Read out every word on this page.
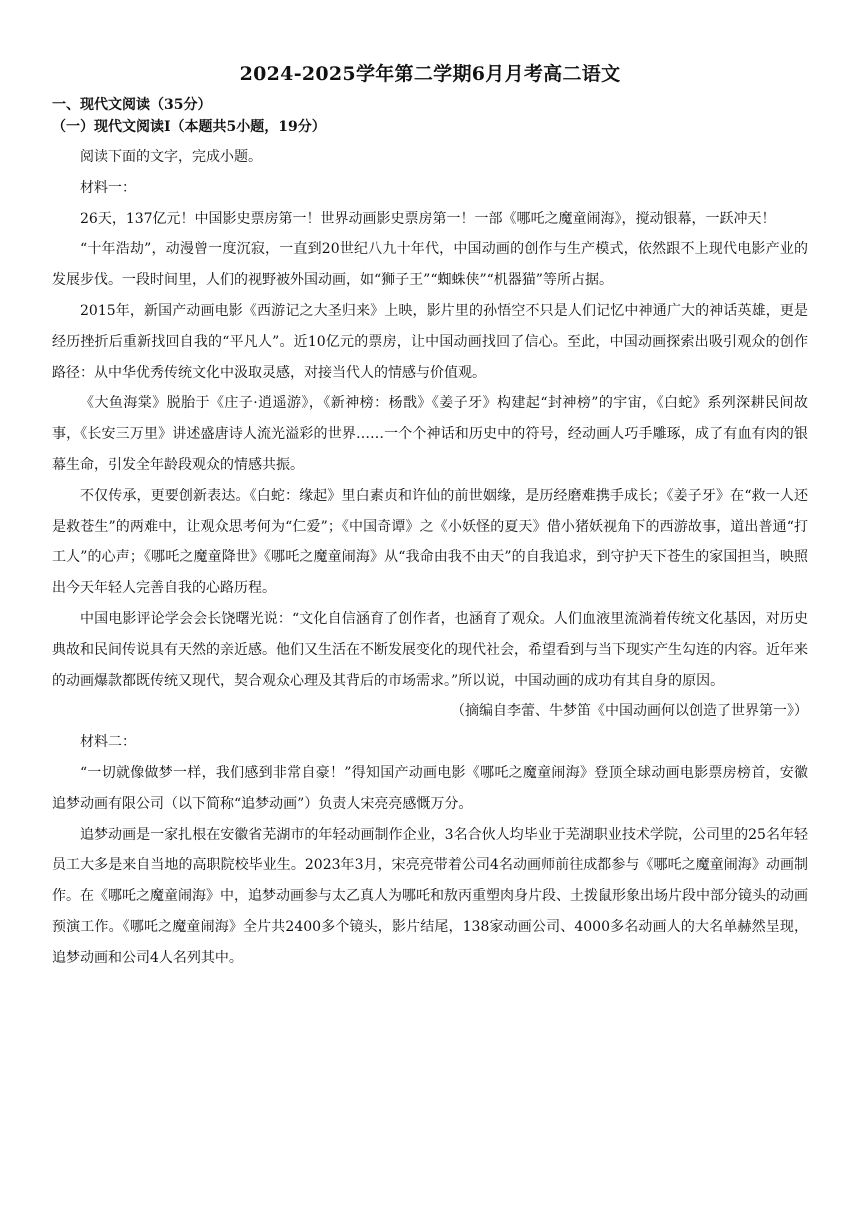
2024-2025学年第二学期6月月考高二语文
一、现代文阅读（35分）
（一）现代文阅读Ⅰ（本题共5小题，19分）

阅读下面的文字，完成小题。

材料一：

26天，137亿元！中国影史票房第一！世界动画影史票房第一！一部《哪吒之魔童闹海》，搅动银幕，一跃冲天！

“十年浩劫”，动漫曾一度沉寂，一直到20世纪八九十年代，中国动画的创作与生产模式，依然跟不上现代电影产业的发展步伐。一段时间里，人们的视野被外国动画，如“狮子王”“蜘蛛侠”“机器猫”等所占据。

2015年，新国产动画电影《西游记之大圣归来》上映，影片里的孙悟空不只是人们记忆中神通广大的神话英雄，更是经历挫折后重新找回自我的“平凡人”。近10亿元的票房，让中国动画找回了信心。至此，中国动画探索出吸引观众的创作路径：从中华优秀传统文化中汲取灵感，对接当代人的情感与价值观。

《大鱼海棠》脱胎于《庄子·逍遥游》，《新神榜：杨戬》《姜子牙》构建起“封神榜”的宇宙，《白蛇》系列深耕民间故事，《长安三万里》讲述盛唐诗人流光溢彩的世界……一个个神话和历史中的符号，经动画人巧手雕琢，成了有血有肉的银幕生命，引发全年龄段观众的情感共振。

不仅传承，更要创新表达。《白蛇：缘起》里白素贞和许仙的前世姻缘，是历经磨难携手成长；《姜子牙》在“救一人还是救苍生”的两难中，让观众思考何为“仁爱”；《中国奇谭》之《小妖怪的夏天》借小猪妖视角下的西游故事，道出普通“打工人”的心声；《哪吒之魔童降世》《哪吒之魔童闹海》从“我命由我不由天”的自我追求，到守护天下苍生的家国担当，映照出今天年轻人完善自我的心路历程。

中国电影评论学会会长饶曙光说：“文化自信涵育了创作者，也涵育了观众。人们血液里流淌着传统文化基因，对历史典故和民间传说具有天然的亲近感。他们又生活在不断发展变化的现代社会，希望看到与当下现实产生勾连的内容。近年来的动画爆款都既传统又现代，契合观众心理及其背后的市场需求。”所以说，中国动画的成功有其自身的原因。

（摘编自李蕾、牛梦笛《中国动画何以创造了世界第一》）

材料二：

“一切就像做梦一样，我们感到非常自豪！”得知国产动画电影《哪吒之魔童闹海》登顶全球动画电影票房榜首，安徽追梦动画有限公司（以下简称“追梦动画”）负责人宋亮亮感慨万分。

追梦动画是一家扎根在安徽省芜湖市的年轻动画制作企业，3名合伙人均毕业于芜湖职业技术学院，公司里的25名年轻员工大多是来自当地的高职院校毕业生。2023年3月，宋亮亮带着公司4名动画师前往成都参与《哪吒之魔童闹海》动画制作。在《哪吒之魔童闹海》中，追梦动画参与太乙真人为哪吒和敖丙重塑肉身片段、土拨鼠形象出场片段中部分镜头的动画预演工作。《哪吒之魔童闹海》全片共2400多个镜头，影片结尾，138家动画公司、4000多名动画人的大名单赫然呈现，追梦动画和公司4人名列其中。
